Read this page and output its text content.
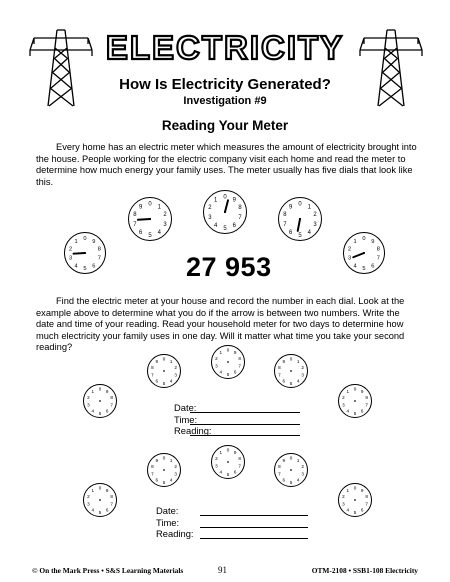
ELECTRICITY
How Is Electricity Generated?
Investigation #9
Reading Your Meter

Every home has an electric meter which measures the amount of electricity brought into the house. People working for the electric company visit each home and read the meter to determine how much energy your family uses. The meter usually has five dials that look like this.

0
1
2
3
4 5 6
7
8
9
0
1
2
3
4
5
6
7
8
9
0
1
2
3
4
5
6
7
8
9
0
1
2
3
4
5
6
7
8
9
0
1
2
3
4 5 6
7
8
9
27 953

Find the electric meter at your house and record the number in each dial. Look at the example above to determine what you do if the arrow is between two numbers. Write the date and time of your reading. Read your household meter for two days to determine how much electricity your family uses in one day. Will it matter what time you take your second reading?

0
1
2
3
4 5 6
7
8
9
0 1
2
3
4
5
6
7
8
9
0
1
2
3
4 5 6
7
8
9
0 1
2
3
4
5
6
7
8
9
0
1
2
3
4 5 6
7
8
9
0
1
2
3
4 5 6
7
8
9
0 1
2
3
4
5
6
7
8
9
0
1
2
3
4 5 6
7
8
9
0 1
2
3
4
5
6
7
8
9
0
1
2
3
4 5 6
7
8
9
Date:
Time:
Reading:
Date:
Time:
Reading:
© On the Mark Press • S&S Learning Materials	91	OTM-2108 • SSB1-108 Electricity
